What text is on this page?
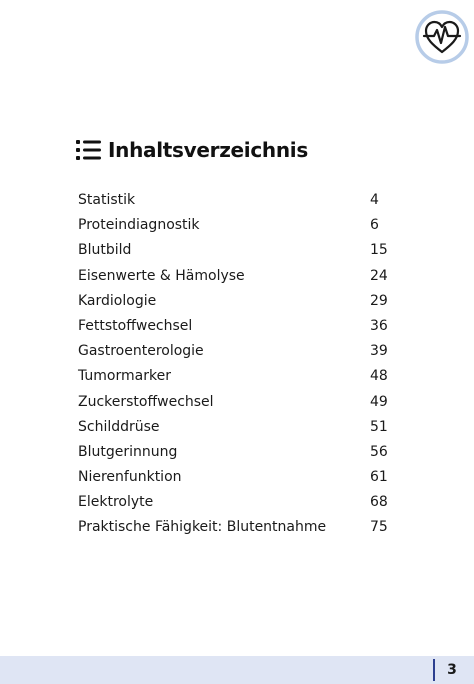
Inhaltsverzeichnis
Statistik	4
Proteindiagnostik	6
Blutbild	15
Eisenwerte & Hämolyse	24
Kardiologie	29
Fettstoffwechsel	36
Gastroenterologie	39
Tumormarker	48
Zuckerstoffwechsel	49
Schilddrüse	51
Blutgerinnung	56
Nierenfunktion	61
Elektrolyte	68
Praktische Fähigkeit: Blutentnahme	75
3
